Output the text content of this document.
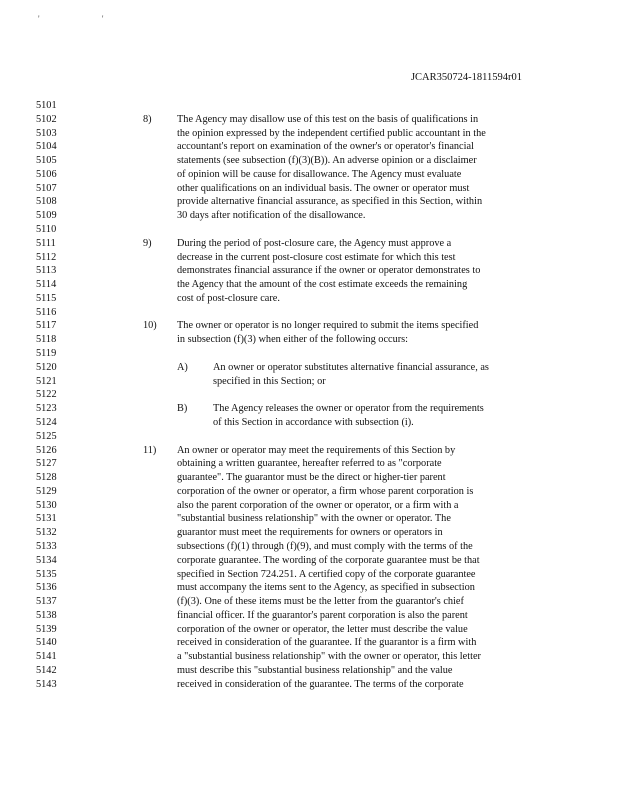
' '
JCAR350724-1811594r01
5101
5102	8) The Agency may disallow use of this test on the basis of qualifications in
5103	the opinion expressed by the independent certified public accountant in the
5104	accountant's report on examination of the owner's or operator's financial
5105	statements (see subsection (f)(3)(B)). An adverse opinion or a disclaimer
5106	of opinion will be cause for disallowance. The Agency must evaluate
5107	other qualifications on an individual basis. The owner or operator must
5108	provide alternative financial assurance, as specified in this Section, within
5109	30 days after notification of the disallowance.
5110
5111	9) During the period of post-closure care, the Agency must approve a
5112	decrease in the current post-closure cost estimate for which this test
5113	demonstrates financial assurance if the owner or operator demonstrates to
5114	the Agency that the amount of the cost estimate exceeds the remaining
5115	cost of post-closure care.
5116
5117	10) The owner or operator is no longer required to submit the items specified
5118	in subsection (f)(3) when either of the following occurs:
5119
5120	A) An owner or operator substitutes alternative financial assurance, as
5121	specified in this Section; or
5122
5123	B) The Agency releases the owner or operator from the requirements
5124	of this Section in accordance with subsection (i).
5125
5126	11) An owner or operator may meet the requirements of this Section by
5127	obtaining a written guarantee, hereafter referred to as "corporate
5128	guarantee". The guarantor must be the direct or higher-tier parent
5129	corporation of the owner or operator, a firm whose parent corporation is
5130	also the parent corporation of the owner or operator, or a firm with a
5131	"substantial business relationship" with the owner or operator. The
5132	guarantor must meet the requirements for owners or operators in
5133	subsections (f)(1) through (f)(9), and must comply with the terms of the
5134	corporate guarantee. The wording of the corporate guarantee must be that
5135	specified in Section 724.251. A certified copy of the corporate guarantee
5136	must accompany the items sent to the Agency, as specified in subsection
5137	(f)(3). One of these items must be the letter from the guarantor's chief
5138	financial officer. If the guarantor's parent corporation is also the parent
5139	corporation of the owner or operator, the letter must describe the value
5140	received in consideration of the guarantee. If the guarantor is a firm with
5141	a "substantial business relationship" with the owner or operator, this letter
5142	must describe this "substantial business relationship" and the value
5143	received in consideration of the guarantee. The terms of the corporate
